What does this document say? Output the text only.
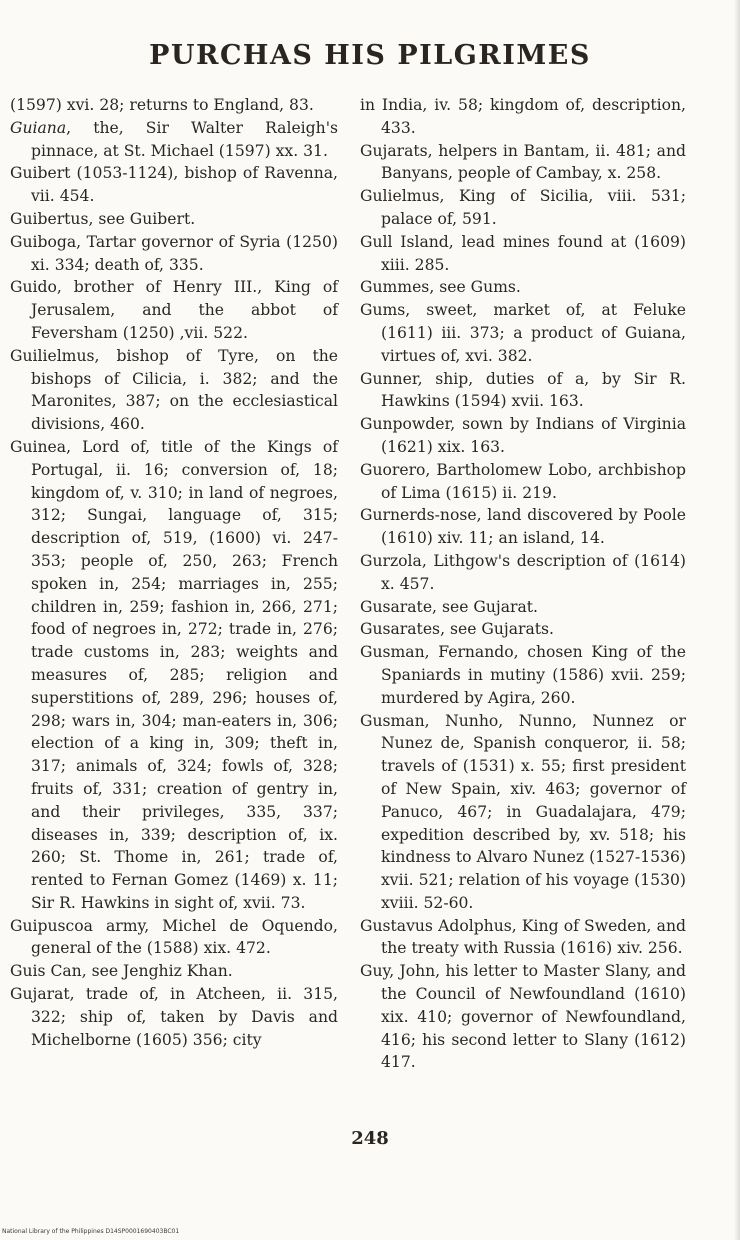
PURCHAS HIS PILGRIMES

(1597) xvi. 28; returns to England, 83.

Guiana, the, Sir Walter Raleigh's pinnace, at St. Michael (1597) xx. 31.

Guibert (1053-1124), bishop of Ravenna, vii. 454.

Guibertus, see Guibert.

Guiboga, Tartar governor of Syria (1250) xi. 334; death of, 335.

Guido, brother of Henry III., King of Jerusalem, and the abbot of Feversham (1250) ,vii. 522.

Guilielmus, bishop of Tyre, on the bishops of Cilicia, i. 382; and the Maronites, 387; on the ecclesiastical divisions, 460.

Guinea, Lord of, title of the Kings of Portugal, ii. 16; conversion of, 18; kingdom of, v. 310; in land of negroes, 312; Sungai, language of, 315; description of, 519, (1600) vi. 247-353; people of, 250, 263; French spoken in, 254; marriages in, 255; children in, 259; fashion in, 266, 271; food of negroes in, 272; trade in, 276; trade customs in, 283; weights and measures of, 285; religion and superstitions of, 289, 296; houses of, 298; wars in, 304; man-eaters in, 306; election of a king in, 309; theft in, 317; animals of, 324; fowls of, 328; fruits of, 331; creation of gentry in, and their privileges, 335, 337; diseases in, 339; description of, ix. 260; St. Thome in, 261; trade of, rented to Fernan Gomez (1469) x. 11; Sir R. Hawkins in sight of, xvii. 73.

Guipuscoa army, Michel de Oquendo, general of the (1588) xix. 472.

Guis Can, see Jenghiz Khan.

Gujarat, trade of, in Atcheen, ii. 315, 322; ship of, taken by Davis and Michelborne (1605) 356; city

in India, iv. 58; kingdom of, description, 433.

Gujarats, helpers in Bantam, ii. 481; and Banyans, people of Cambay, x. 258.

Gulielmus, King of Sicilia, viii. 531; palace of, 591.

Gull Island, lead mines found at (1609) xiii. 285.

Gummes, see Gums.

Gums, sweet, market of, at Feluke (1611) iii. 373; a product of Guiana, virtues of, xvi. 382.

Gunner, ship, duties of a, by Sir R. Hawkins (1594) xvii. 163.

Gunpowder, sown by Indians of Virginia (1621) xix. 163.

Guorero, Bartholomew Lobo, archbishop of Lima (1615) ii. 219.

Gurnerds-nose, land discovered by Poole (1610) xiv. 11; an island, 14.

Gurzola, Lithgow's description of (1614) x. 457.

Gusarate, see Gujarat.

Gusarates, see Gujarats.

Gusman, Fernando, chosen King of the Spaniards in mutiny (1586) xvii. 259; murdered by Agira, 260.

Gusman, Nunho, Nunno, Nunnez or Nunez de, Spanish conqueror, ii. 58; travels of (1531) x. 55; first president of New Spain, xiv. 463; governor of Panuco, 467; in Guadalajara, 479; expedition described by, xv. 518; his kindness to Alvaro Nunez (1527-1536) xvii. 521; relation of his voyage (1530) xviii. 52-60.

Gustavus Adolphus, King of Sweden, and the treaty with Russia (1616) xiv. 256.

Guy, John, his letter to Master Slany, and the Council of Newfoundland (1610) xix. 410; governor of Newfoundland, 416; his second letter to Slany (1612) 417.

248
National Library of the Philippines D14SP0001690403BC01
